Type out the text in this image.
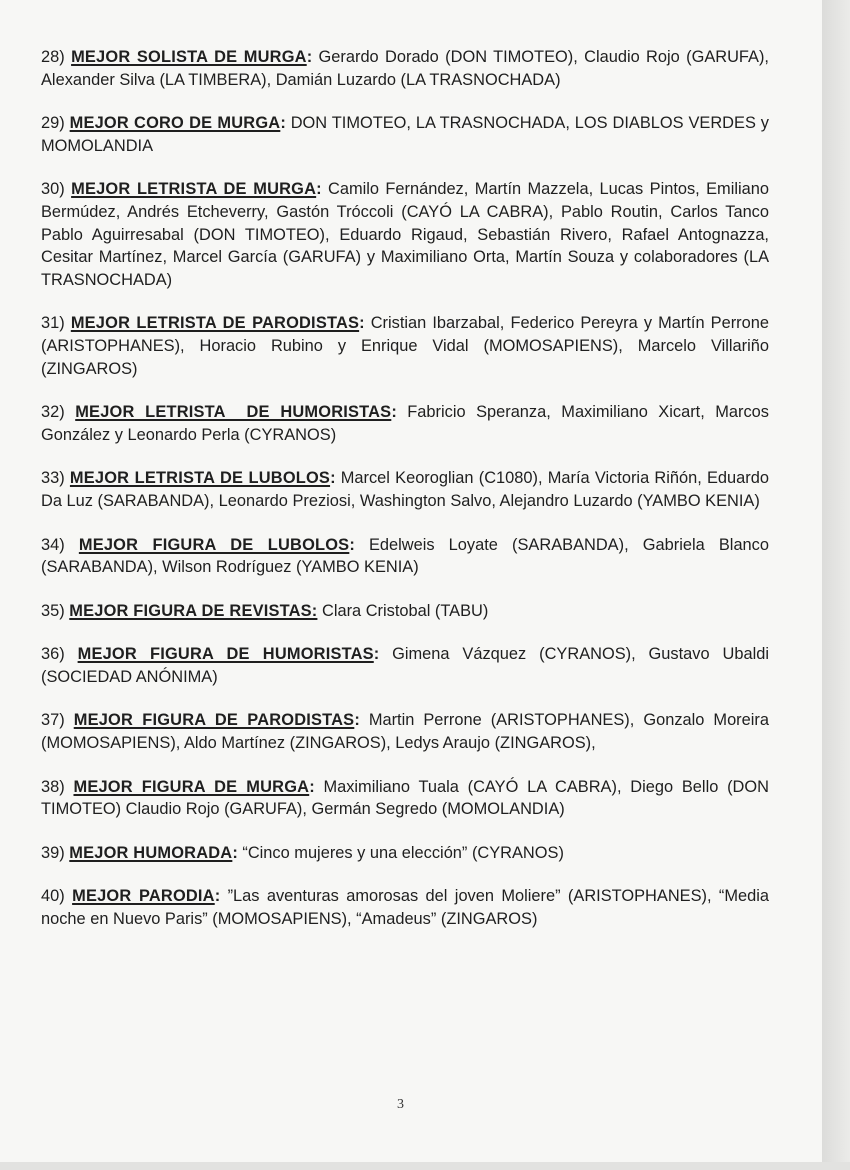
28) MEJOR SOLISTA DE MURGA: Gerardo Dorado (DON TIMOTEO), Claudio Rojo (GARUFA), Alexander Silva (LA TIMBERA), Damián Luzardo (LA TRASNOCHADA)

29) MEJOR CORO DE MURGA: DON TIMOTEO, LA TRASNOCHADA, LOS DIABLOS VERDES y MOMOLANDIA

30) MEJOR LETRISTA DE MURGA: Camilo Fernández, Martín Mazzela, Lucas Pintos, Emiliano Bermúdez, Andrés Etcheverry, Gastón Tróccoli (CAYÓ LA CABRA), Pablo Routin, Carlos Tanco Pablo Aguirresabal (DON TIMOTEO), Eduardo Rigaud, Sebastián Rivero, Rafael Antognazza, Cesitar Martínez, Marcel García (GARUFA) y Maximiliano Orta, Martín Souza y colaboradores (LA TRASNOCHADA)

31) MEJOR LETRISTA DE PARODISTAS: Cristian Ibarzabal, Federico Pereyra y Martín Perrone (ARISTOPHANES), Horacio Rubino y Enrique Vidal (MOMOSAPIENS), Marcelo Villariño (ZINGAROS)

32) MEJOR LETRISTA  DE HUMORISTAS: Fabricio Speranza, Maximiliano Xicart, Marcos González y Leonardo Perla (CYRANOS)

33) MEJOR LETRISTA DE LUBOLOS: Marcel Keoroglian (C1080), María Victoria Riñón, Eduardo Da Luz (SARABANDA), Leonardo Preziosi, Washington Salvo, Alejandro Luzardo (YAMBO KENIA)

34) MEJOR FIGURA DE LUBOLOS: Edelweis Loyate (SARABANDA), Gabriela Blanco (SARABANDA), Wilson Rodríguez (YAMBO KENIA)

35) MEJOR FIGURA DE REVISTAS: Clara Cristobal (TABU)

36) MEJOR FIGURA DE HUMORISTAS: Gimena Vázquez (CYRANOS), Gustavo Ubaldi (SOCIEDAD ANÓNIMA)

37) MEJOR FIGURA DE PARODISTAS: Martin Perrone (ARISTOPHANES), Gonzalo Moreira (MOMOSAPIENS), Aldo Martínez (ZINGAROS), Ledys Araujo (ZINGAROS),

38) MEJOR FIGURA DE MURGA: Maximiliano Tuala (CAYÓ LA CABRA), Diego Bello (DON TIMOTEO) Claudio Rojo (GARUFA), Germán Segredo (MOMOLANDIA)

39) MEJOR HUMORADA: “Cinco mujeres y una elección” (CYRANOS)

40) MEJOR PARODIA: ”Las aventuras amorosas del joven Moliere” (ARISTOPHANES), “Media noche en Nuevo Paris” (MOMOSAPIENS), “Amadeus” (ZINGAROS)

3
